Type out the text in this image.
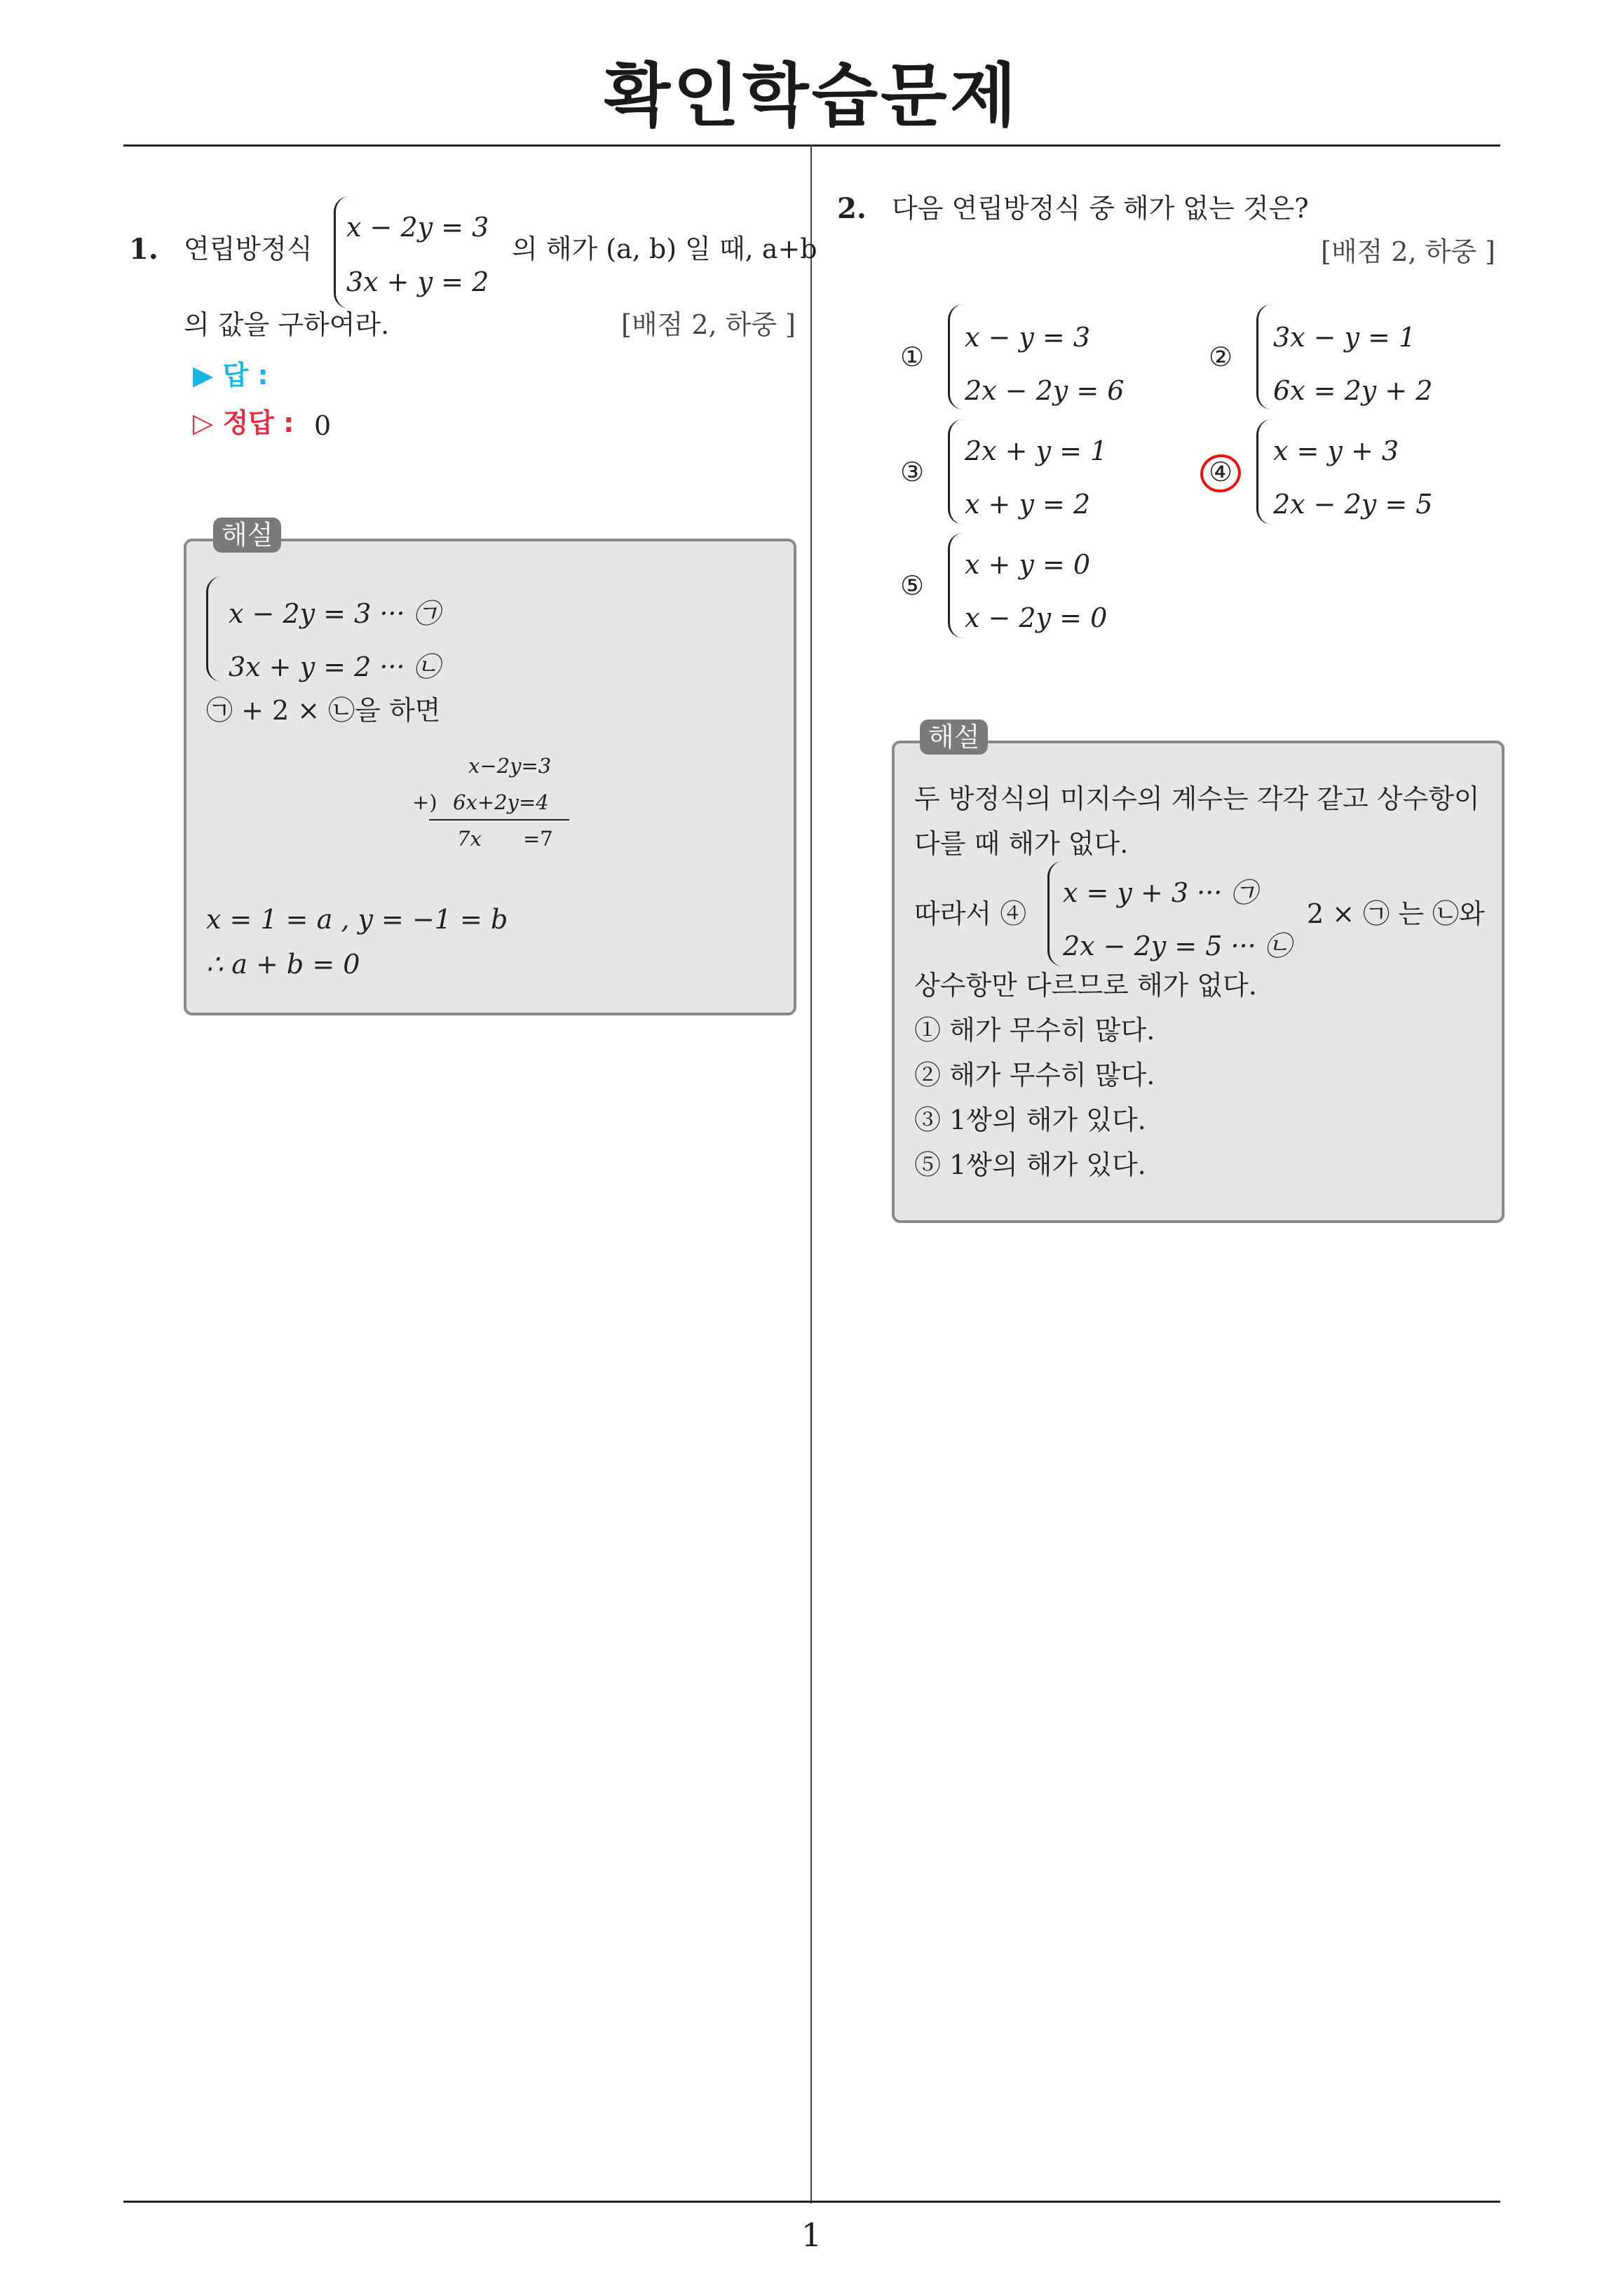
확인학습문제
1
1. 연립방정식
x − 2y = 3
3x + y = 2
의 해가 (a, b) 일 때, a+b
의 값을 구하여라.	[배점 2, 하중 ]
▶ 답 :
▷ 정답 : 0
x − 2y = 3 ··· ㉠
3x + y = 2 ··· ㉡
㉠ + 2 × ㉡을 하면
x−2y=3
+) 6x+2y=4
7x =7
x = 1 = a , y = −1 = b
∴ a + b = 0
해설
2. 다음 연립방정식 중 해가 없는 것은?
[배점 2, 하중 ]
①
x − y = 3
2x − 2y = 6
②
3x − y = 1
6x = 2y + 2
③
2x + y = 1
x + y = 2
④
x = y + 3
2x − 2y = 5
⑤
x + y = 0
x − 2y = 0
두 방정식의 미지수의 계수는 각각 같고 상수항이
다를 때 해가 없다.
따라서 ④
x = y + 3 ··· ㉠
2x − 2y = 5 ··· ㉡
2 × ㉠ 는 ㉡와
상수항만 다르므로 해가 없다.
① 해가 무수히 많다.
② 해가 무수히 많다.
③ 1쌍의 해가 있다.
⑤ 1쌍의 해가 있다.
해설
